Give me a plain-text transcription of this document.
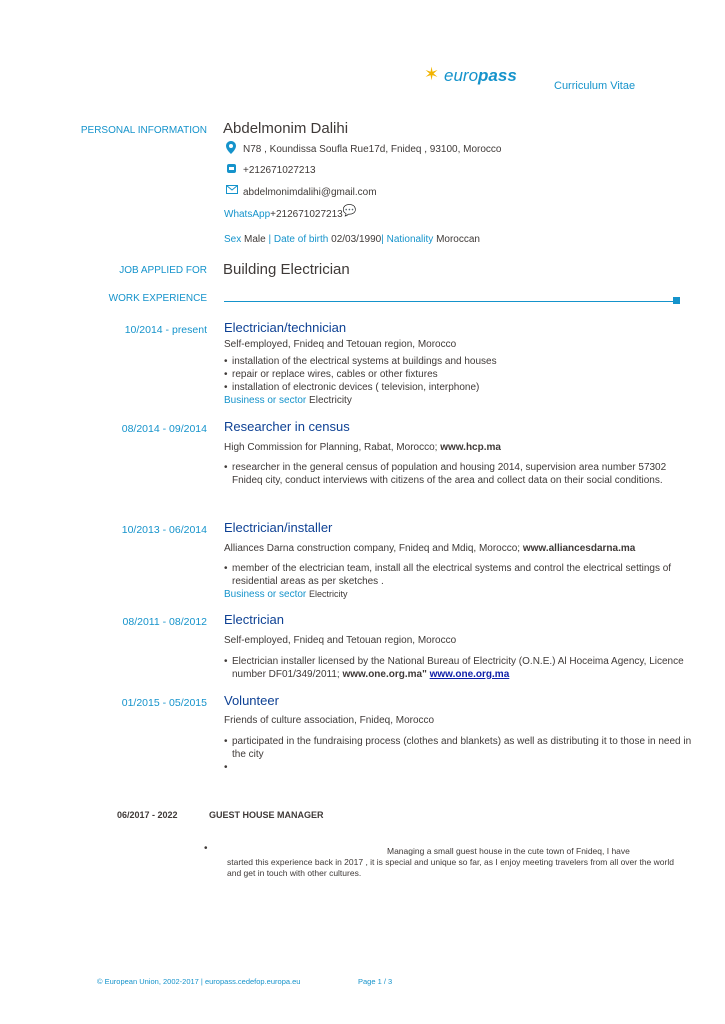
✶ europass
Curriculum Vitae
PERSONAL INFORMATION Abdelmonim Dalihi
N78 , Koundissa Soufla Rue17d, Fnideq , 93100, Morocco
+212671027213
abdelmonimdalihi@gmail.com
WhatsApp+212671027213💬
Sex Male | Date of birth 02/03/1990| Nationality Moroccan
JOB APPLIED FOR Building Electrician
WORK EXPERIENCE
10/2014 - present Electrician/technician
Self-employed, Fnideq and Tetouan region, Morocco
• installation of the electrical systems at buildings and houses
• repair or replace wires, cables or other fixtures
• installation of electronic devices ( television, interphone)
Business or sector Electricity
08/2014 - 09/2014 Researcher in census
High Commission for Planning, Rabat, Morocco; www.hcp.ma
• researcher in the general census of population and housing 2014, supervision area number 57302 Fnideq city, conduct interviews with citizens of the area and collect data on their social conditions.
10/2013 - 06/2014 Electrician/installer
Alliances Darna construction company, Fnideq and Mdiq, Morocco; www.alliancesdarna.ma
• member of the electrician team, install all the electrical systems and control the electrical settings of residential areas as per sketches .
Business or sector Electricity
08/2011 - 08/2012 Electrician
Self-employed, Fnideq and Tetouan region, Morocco
• Electrician installer licensed by the National Bureau of Electricity (O.N.E.) Al Hoceima Agency, Licence number DF01/349/2011; www.one.org.ma" www.one.org.ma
01/2015 - 05/2015 Volunteer
Friends of culture association, Fnideq, Morocco
• participated in the fundraising process (clothes and blankets) as well as distributing it to those in need in the city
06/2017 - 2022	GUEST HOUSE MANAGER
•	Managing a small guest house in the cute town of Fnideq, I have
started this experience back in 2017 , it is special and unique so far, as I enjoy meeting travelers from all over the world and get in touch with other cultures.
© European Union, 2002-2017 | europass.cedefop.europa.eu	Page 1 / 3
